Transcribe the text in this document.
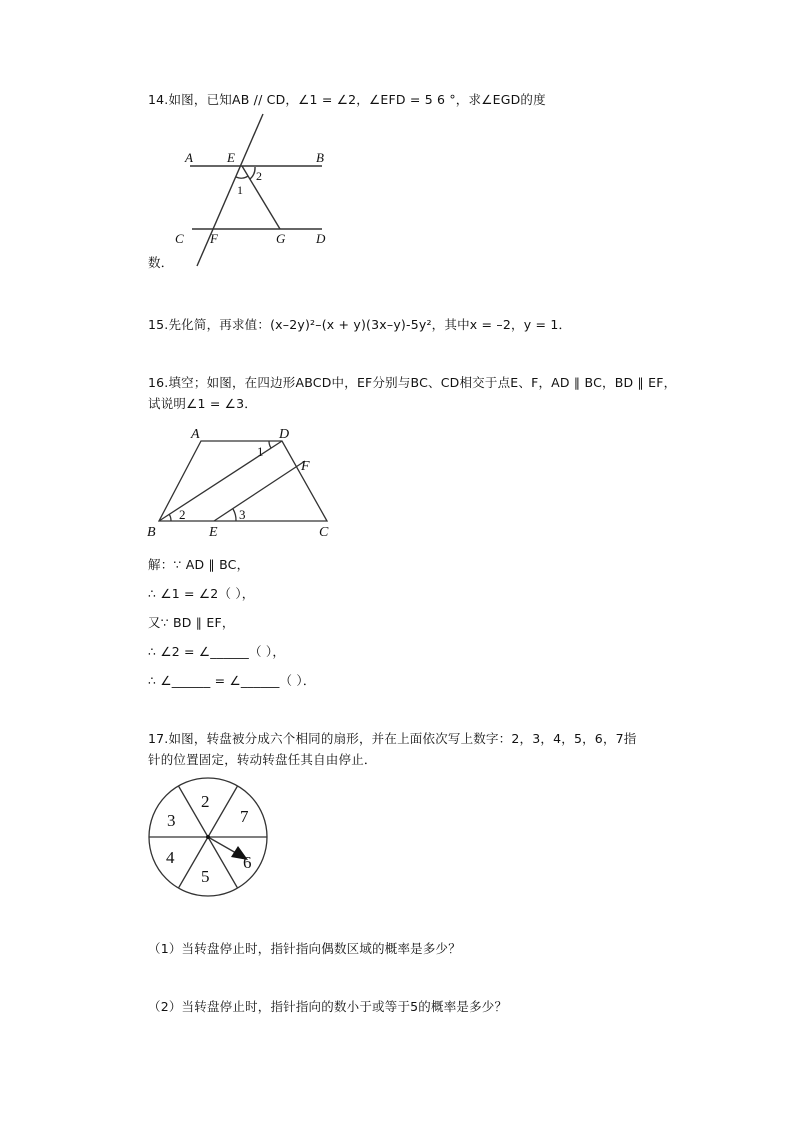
14.如图，已知AB // CD，∠1 = ∠2，∠EFD = 5 6 °，求∠EGD的度
A	E	B
1
2
C F	G D
数．
15.先化简，再求值：(x–2y)²–(x + y)(3x–y)-5y²，其中x = –2，y = 1．
16.填空；如图，在四边形ABCD中，EF分别与BC、CD相交于点E、F，AD ∥ BC，BD ∥ EF，
试说明∠1 = ∠3．
A	D
1
F
2	3
B	E	C
解：∵ AD ∥ BC，
∴ ∠1 = ∠2（ ），
又∵ BD ∥ EF，
∴ ∠2 = ∠______（ ），
∴ ∠______ = ∠______（ ）．
17.如图，转盘被分成六个相同的扇形，并在上面依次写上数字：2，3，4，5，6，7指
针的位置固定，转动转盘任其自由停止．
2
7
6
5
4
3
（1）当转盘停止时，指针指向偶数区域的概率是多少？
（2）当转盘停止时，指针指向的数小于或等于5的概率是多少？
